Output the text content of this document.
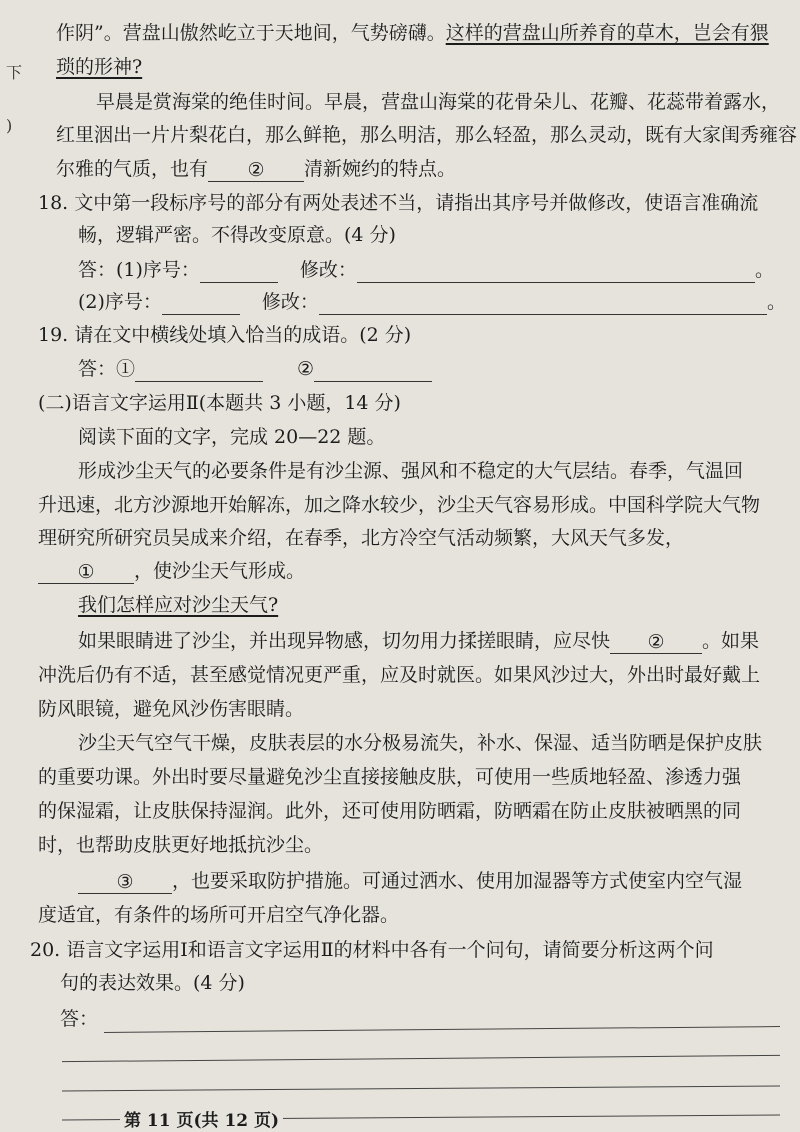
下
)
作阴”。营盘山傲然屹立于天地间，气势磅礴。这样的营盘山所养育的草木，岂会有猥
琐的形神?
早晨是赏海棠的绝佳时间。早晨，营盘山海棠的花骨朵儿、花瓣、花蕊带着露水，
红里洇出一片片梨花白，那么鲜艳，那么明洁，那么轻盈，那么灵动，既有大家闺秀雍容
尔雅的气质，也有 ② 清新婉约的特点。
18. 文中第一段标序号的部分有两处表述不当，请指出其序号并做修改，使语言准确流
畅，逻辑严密。不得改变原意。(4 分)
答：(1)序号：	修改：	。
(2)序号：	修改：	。
19. 请在文中横线处填入恰当的成语。(2 分)
答：①	②
(二)语言文字运用Ⅱ(本题共 3 小题，14 分)
阅读下面的文字，完成 20—22 题。
形成沙尘天气的必要条件是有沙尘源、强风和不稳定的大气层结。春季，气温回
升迅速，北方沙源地开始解冻，加之降水较少，沙尘天气容易形成。中国科学院大气物
理研究所研究员吴成来介绍，在春季，北方冷空气活动频繁，大风天气多发，
① ，使沙尘天气形成。
我们怎样应对沙尘天气?
如果眼睛进了沙尘，并出现异物感，切勿用力揉搓眼睛，应尽快 ② 。如果
冲洗后仍有不适，甚至感觉情况更严重，应及时就医。如果风沙过大，外出时最好戴上
防风眼镜，避免风沙伤害眼睛。
沙尘天气空气干燥，皮肤表层的水分极易流失，补水、保湿、适当防晒是保护皮肤
的重要功课。外出时要尽量避免沙尘直接接触皮肤，可使用一些质地轻盈、渗透力强
的保湿霜，让皮肤保持湿润。此外，还可使用防晒霜，防晒霜在防止皮肤被晒黑的同
时，也帮助皮肤更好地抵抗沙尘。
③ ，也要采取防护措施。可通过洒水、使用加湿器等方式使室内空气湿
度适宜，有条件的场所可开启空气净化器。
20. 语言文字运用Ⅰ和语言文字运用Ⅱ的材料中各有一个问句，请简要分析这两个问
句的表达效果。(4 分)
答：
第 11 页(共 12 页)
